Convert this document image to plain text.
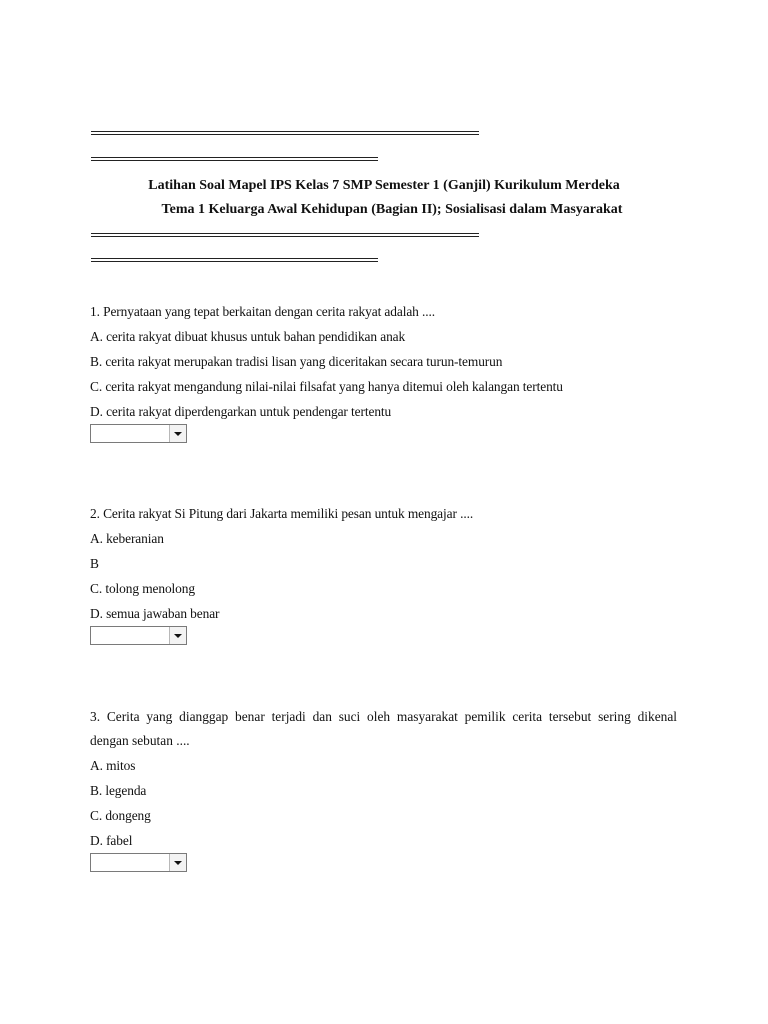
Latihan Soal Mapel IPS Kelas 7 SMP Semester 1 (Ganjil) Kurikulum Merdeka
Tema 1 Keluarga Awal Kehidupan (Bagian II); Sosialisasi dalam Masyarakat
1. Pernyataan yang tepat berkaitan dengan cerita rakyat adalah ....
A. cerita rakyat dibuat khusus untuk bahan pendidikan anak
B. cerita rakyat merupakan tradisi lisan yang diceritakan secara turun-temurun
C. cerita rakyat mengandung nilai-nilai filsafat yang hanya ditemui oleh kalangan tertentu
D. cerita rakyat diperdengarkan untuk pendengar tertentu
2. Cerita rakyat Si Pitung dari Jakarta memiliki pesan untuk mengajar ....
A. keberanian
B
C. tolong menolong
D. semua jawaban benar
3. Cerita yang dianggap benar terjadi dan suci oleh masyarakat pemilik cerita tersebut sering dikenal
dengan sebutan ....
A. mitos
B. legenda
C. dongeng
D. fabel
